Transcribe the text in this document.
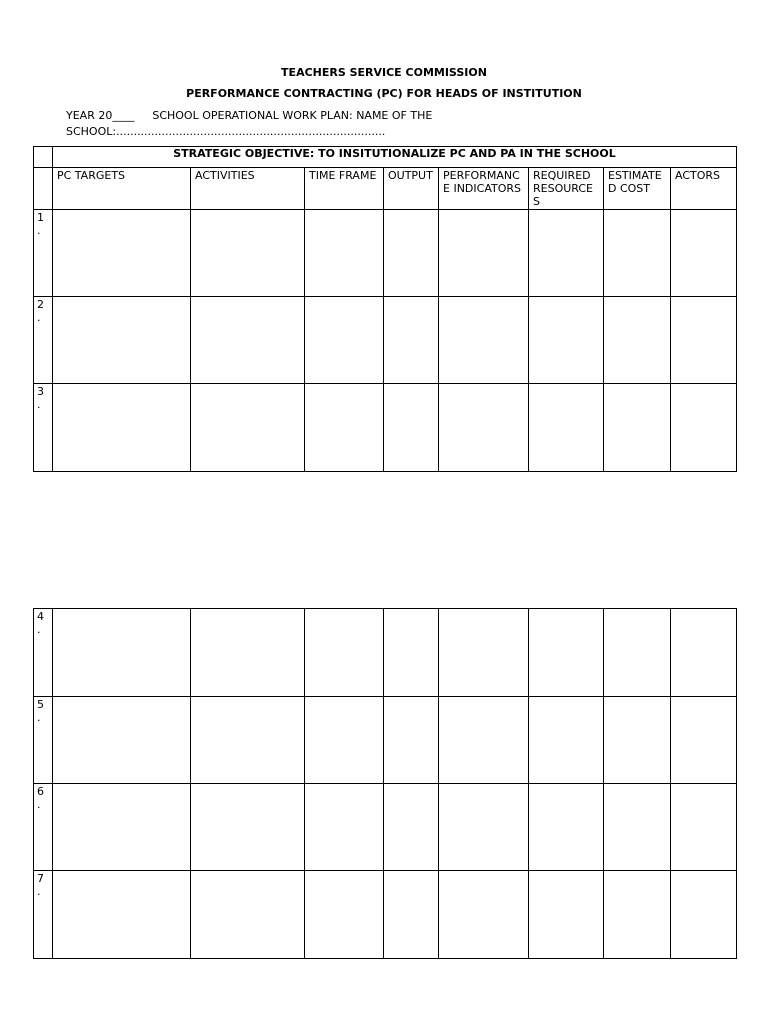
TEACHERS SERVICE COMMISSION
PERFORMANCE CONTRACTING (PC) FOR HEADS OF INSTITUTION
YEAR 20____ SCHOOL OPERATIONAL WORK PLAN: NAME OF THE
SCHOOL:.............................................................................
	STRATEGIC OBJECTIVE: TO INSITUTIONALIZE PC AND PA IN THE SCHOOL							
	PC TARGETS	ACTIVITIES	TIME FRAME	OUTPUT	PERFORMANCE INDICATORS	REQUIRED RESOURCES	ESTIMATED COST	ACTORS

1
.								

2
.								

3
.								

4
.								

5
.								

6
.								

7
.								
